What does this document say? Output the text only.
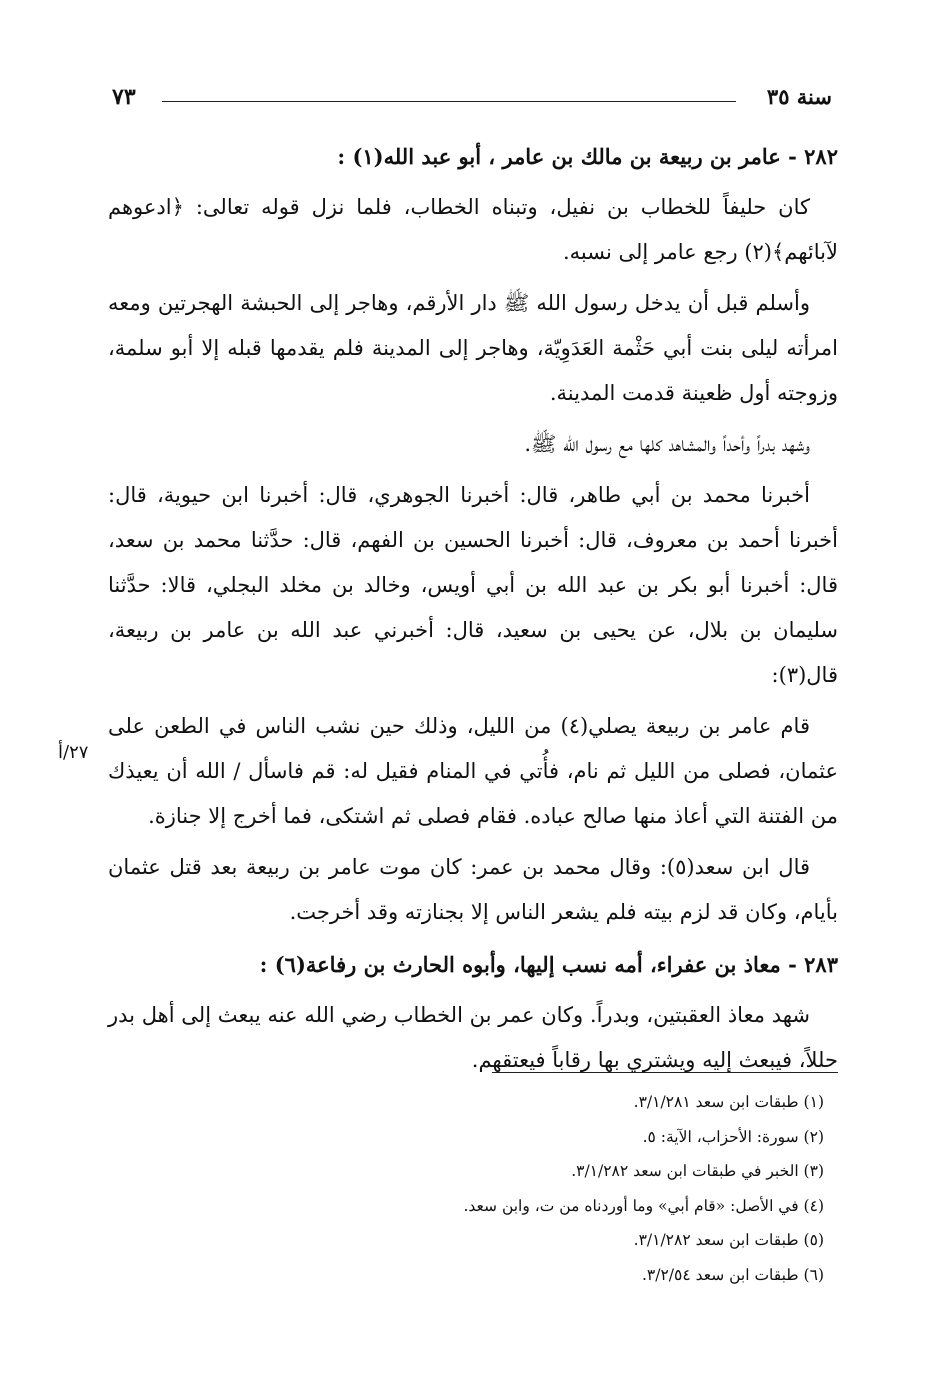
سنة ٣٥
٧٣
٢٨٢ - عامر بن ربيعة بن مالك بن عامر ، أبو عبد الله(١) :

كان حليفاً للخطاب بن نفيل، وتبناه الخطاب، فلما نزل قوله تعالى: ﴿ادعوهم لآبائهم﴾(٢) رجع عامر إلى نسبه.

وأسلم قبل أن يدخل رسول الله ﷺ دار الأرقم، وهاجر إلى الحبشة الهجرتين ومعه امرأته ليلى بنت أبي حَثْمة العَدَوِيّة، وهاجر إلى المدينة فلم يقدمها قبله إلا أبو سلمة، وزوجته أول ظعينة قدمت المدينة.

وشهد بدراً وأحداً والمشاهد كلها مع رسول الله ﷺ.

أخبرنا محمد بن أبي طاهر، قال: أخبرنا الجوهري، قال: أخبرنا ابن حيوية، قال: أخبرنا أحمد بن معروف، قال: أخبرنا الحسين بن الفهم، قال: حدَّثنا محمد بن سعد، قال: أخبرنا أبو بكر بن عبد الله بن أبي أويس، وخالد بن مخلد البجلي، قالا: حدَّثنا سليمان بن بلال، عن يحيى بن سعيد، قال: أخبرني عبد الله بن عامر بن ربيعة، قال(٣):

قام عامر بن ربيعة يصلي(٤) من الليل، وذلك حين نشب الناس في الطعن على عثمان، فصلى من الليل ثم نام، فأُتي في المنام فقيل له: قم فاسأل / الله أن يعيذك من الفتنة التي أعاذ منها صالح عباده. فقام فصلى ثم اشتكى، فما أخرج إلا جنازة.

قال ابن سعد(٥): وقال محمد بن عمر: كان موت عامر بن ربيعة بعد قتل عثمان بأيام، وكان قد لزم بيته فلم يشعر الناس إلا بجنازته وقد أخرجت.

٢٨٣ - معاذ بن عفراء، أمه نسب إليها، وأبوه الحارث بن رفاعة(٦) :

شهد معاذ العقبتين، وبدراً. وكان عمر بن الخطاب رضي الله عنه يبعث إلى أهل بدر حللاً، فيبعث إليه ويشتري بها رقاباً فيعتقهم.

٢٧/أ
(١) طبقات ابن سعد ٣/١/٢٨١.
(٢) سورة: الأحزاب، الآية: ٥.
(٣) الخبر في طبقات ابن سعد ٣/١/٢٨٢.
(٤) في الأصل: «قام أبي» وما أوردناه من ت، وابن سعد.
(٥) طبقات ابن سعد ٣/١/٢٨٢.
(٦) طبقات ابن سعد ٣/٢/٥٤.
